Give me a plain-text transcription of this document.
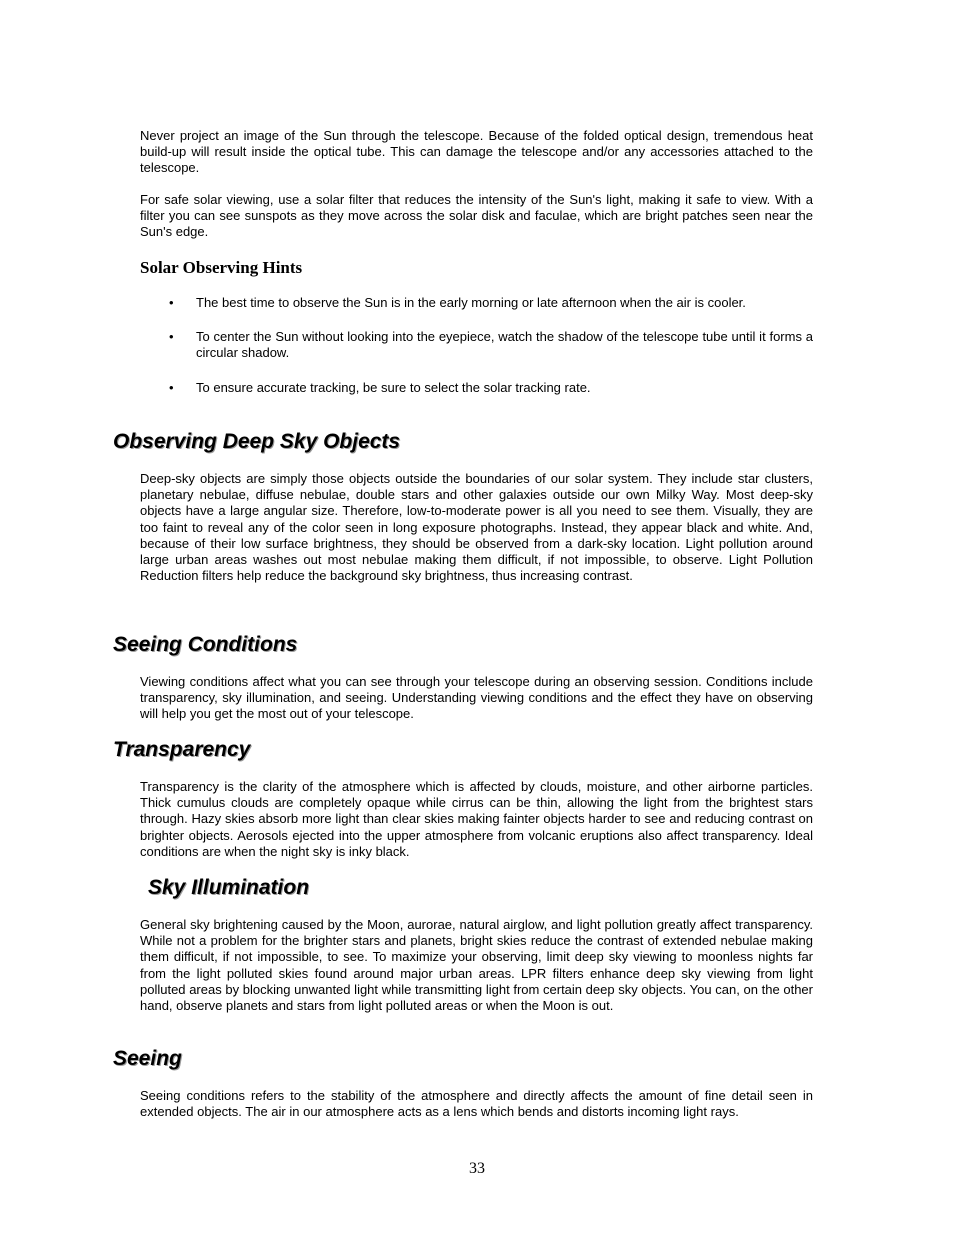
Never project an image of the Sun through the telescope. Because of the folded optical design, tremendous heat build-up will result inside the optical tube. This can damage the telescope and/or any accessories attached to the telescope.

For safe solar viewing, use a solar filter that reduces the intensity of the Sun's light, making it safe to view. With a filter you can see sunspots as they move across the solar disk and faculae, which are bright patches seen near the Sun's edge.

Solar Observing Hints
• The best time to observe the Sun is in the early morning or late afternoon when the air is cooler.
• To center the Sun without looking into the eyepiece, watch the shadow of the telescope tube until it forms a circular shadow.
• To ensure accurate tracking, be sure to select the solar tracking rate.
Observing Deep Sky Objects

Deep-sky objects are simply those objects outside the boundaries of our solar system. They include star clusters, planetary nebulae, diffuse nebulae, double stars and other galaxies outside our own Milky Way. Most deep-sky objects have a large angular size. Therefore, low-to-moderate power is all you need to see them. Visually, they are too faint to reveal any of the color seen in long exposure photographs. Instead, they appear black and white. And, because of their low surface brightness, they should be observed from a dark-sky location. Light pollution around large urban areas washes out most nebulae making them difficult, if not impossible, to observe. Light Pollution Reduction filters help reduce the background sky brightness, thus increasing contrast.

Seeing Conditions

Viewing conditions affect what you can see through your telescope during an observing session. Conditions include transparency, sky illumination, and seeing. Understanding viewing conditions and the effect they have on observing will help you get the most out of your telescope.

Transparency

Transparency is the clarity of the atmosphere which is affected by clouds, moisture, and other airborne particles. Thick cumulus clouds are completely opaque while cirrus can be thin, allowing the light from the brightest stars through. Hazy skies absorb more light than clear skies making fainter objects harder to see and reducing contrast on brighter objects. Aerosols ejected into the upper atmosphere from volcanic eruptions also affect transparency. Ideal conditions are when the night sky is inky black.

Sky Illumination

General sky brightening caused by the Moon, aurorae, natural airglow, and light pollution greatly affect transparency. While not a problem for the brighter stars and planets, bright skies reduce the contrast of extended nebulae making them difficult, if not impossible, to see. To maximize your observing, limit deep sky viewing to moonless nights far from the light polluted skies found around major urban areas. LPR filters enhance deep sky viewing from light polluted areas by blocking unwanted light while transmitting light from certain deep sky objects. You can, on the other hand, observe planets and stars from light polluted areas or when the Moon is out.

Seeing

Seeing conditions refers to the stability of the atmosphere and directly affects the amount of fine detail seen in extended objects. The air in our atmosphere acts as a lens which bends and distorts incoming light rays.

33
